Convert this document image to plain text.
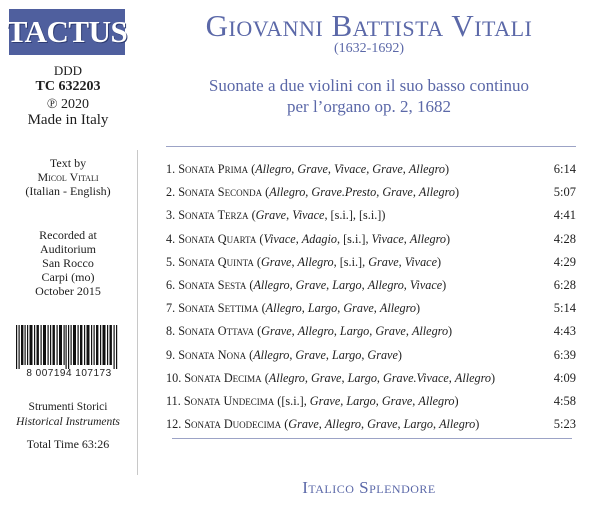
TACTUS
DDD
TC 632203
℗ 2020
Made in Italy
Text by
Micol Vitali
(Italian - English)
Recorded at
Auditorium
San Rocco
Carpi (mo)
October 2015
8 007194 107173
Strumenti Storici
Historical Instruments
Total Time 63:26
Giovanni Battista Vitali
(1632-1692)
Suonate a due violini con il suo basso continuo
per l’organo op. 2, 1682
1. Sonata Prima (Allegro, Grave, Vivace, Grave, Allegro)	6:14
2. Sonata Seconda (Allegro, Grave.Presto, Grave, Allegro)	5:07
3. Sonata Terza (Grave, Vivace, [s.i.], [s.i.])	4:41
4. Sonata Quarta (Vivace, Adagio, [s.i.], Vivace, Allegro)	4:28
5. Sonata Quinta (Grave, Allegro, [s.i.], Grave, Vivace)	4:29
6. Sonata Sesta (Allegro, Grave, Largo, Allegro, Vivace)	6:28
7. Sonata Settima (Allegro, Largo, Grave, Allegro)	5:14
8. Sonata Ottava (Grave, Allegro, Largo, Grave, Allegro)	4:43
9. Sonata Nona (Allegro, Grave, Largo, Grave)	6:39
10. Sonata Decima (Allegro, Grave, Largo, Grave.Vivace, Allegro)	4:09
11. Sonata Undecima ([s.i.], Grave, Largo, Grave, Allegro)	4:58
12. Sonata Duodecima (Grave, Allegro, Grave, Largo, Allegro)	5:23
Italico Splendore
